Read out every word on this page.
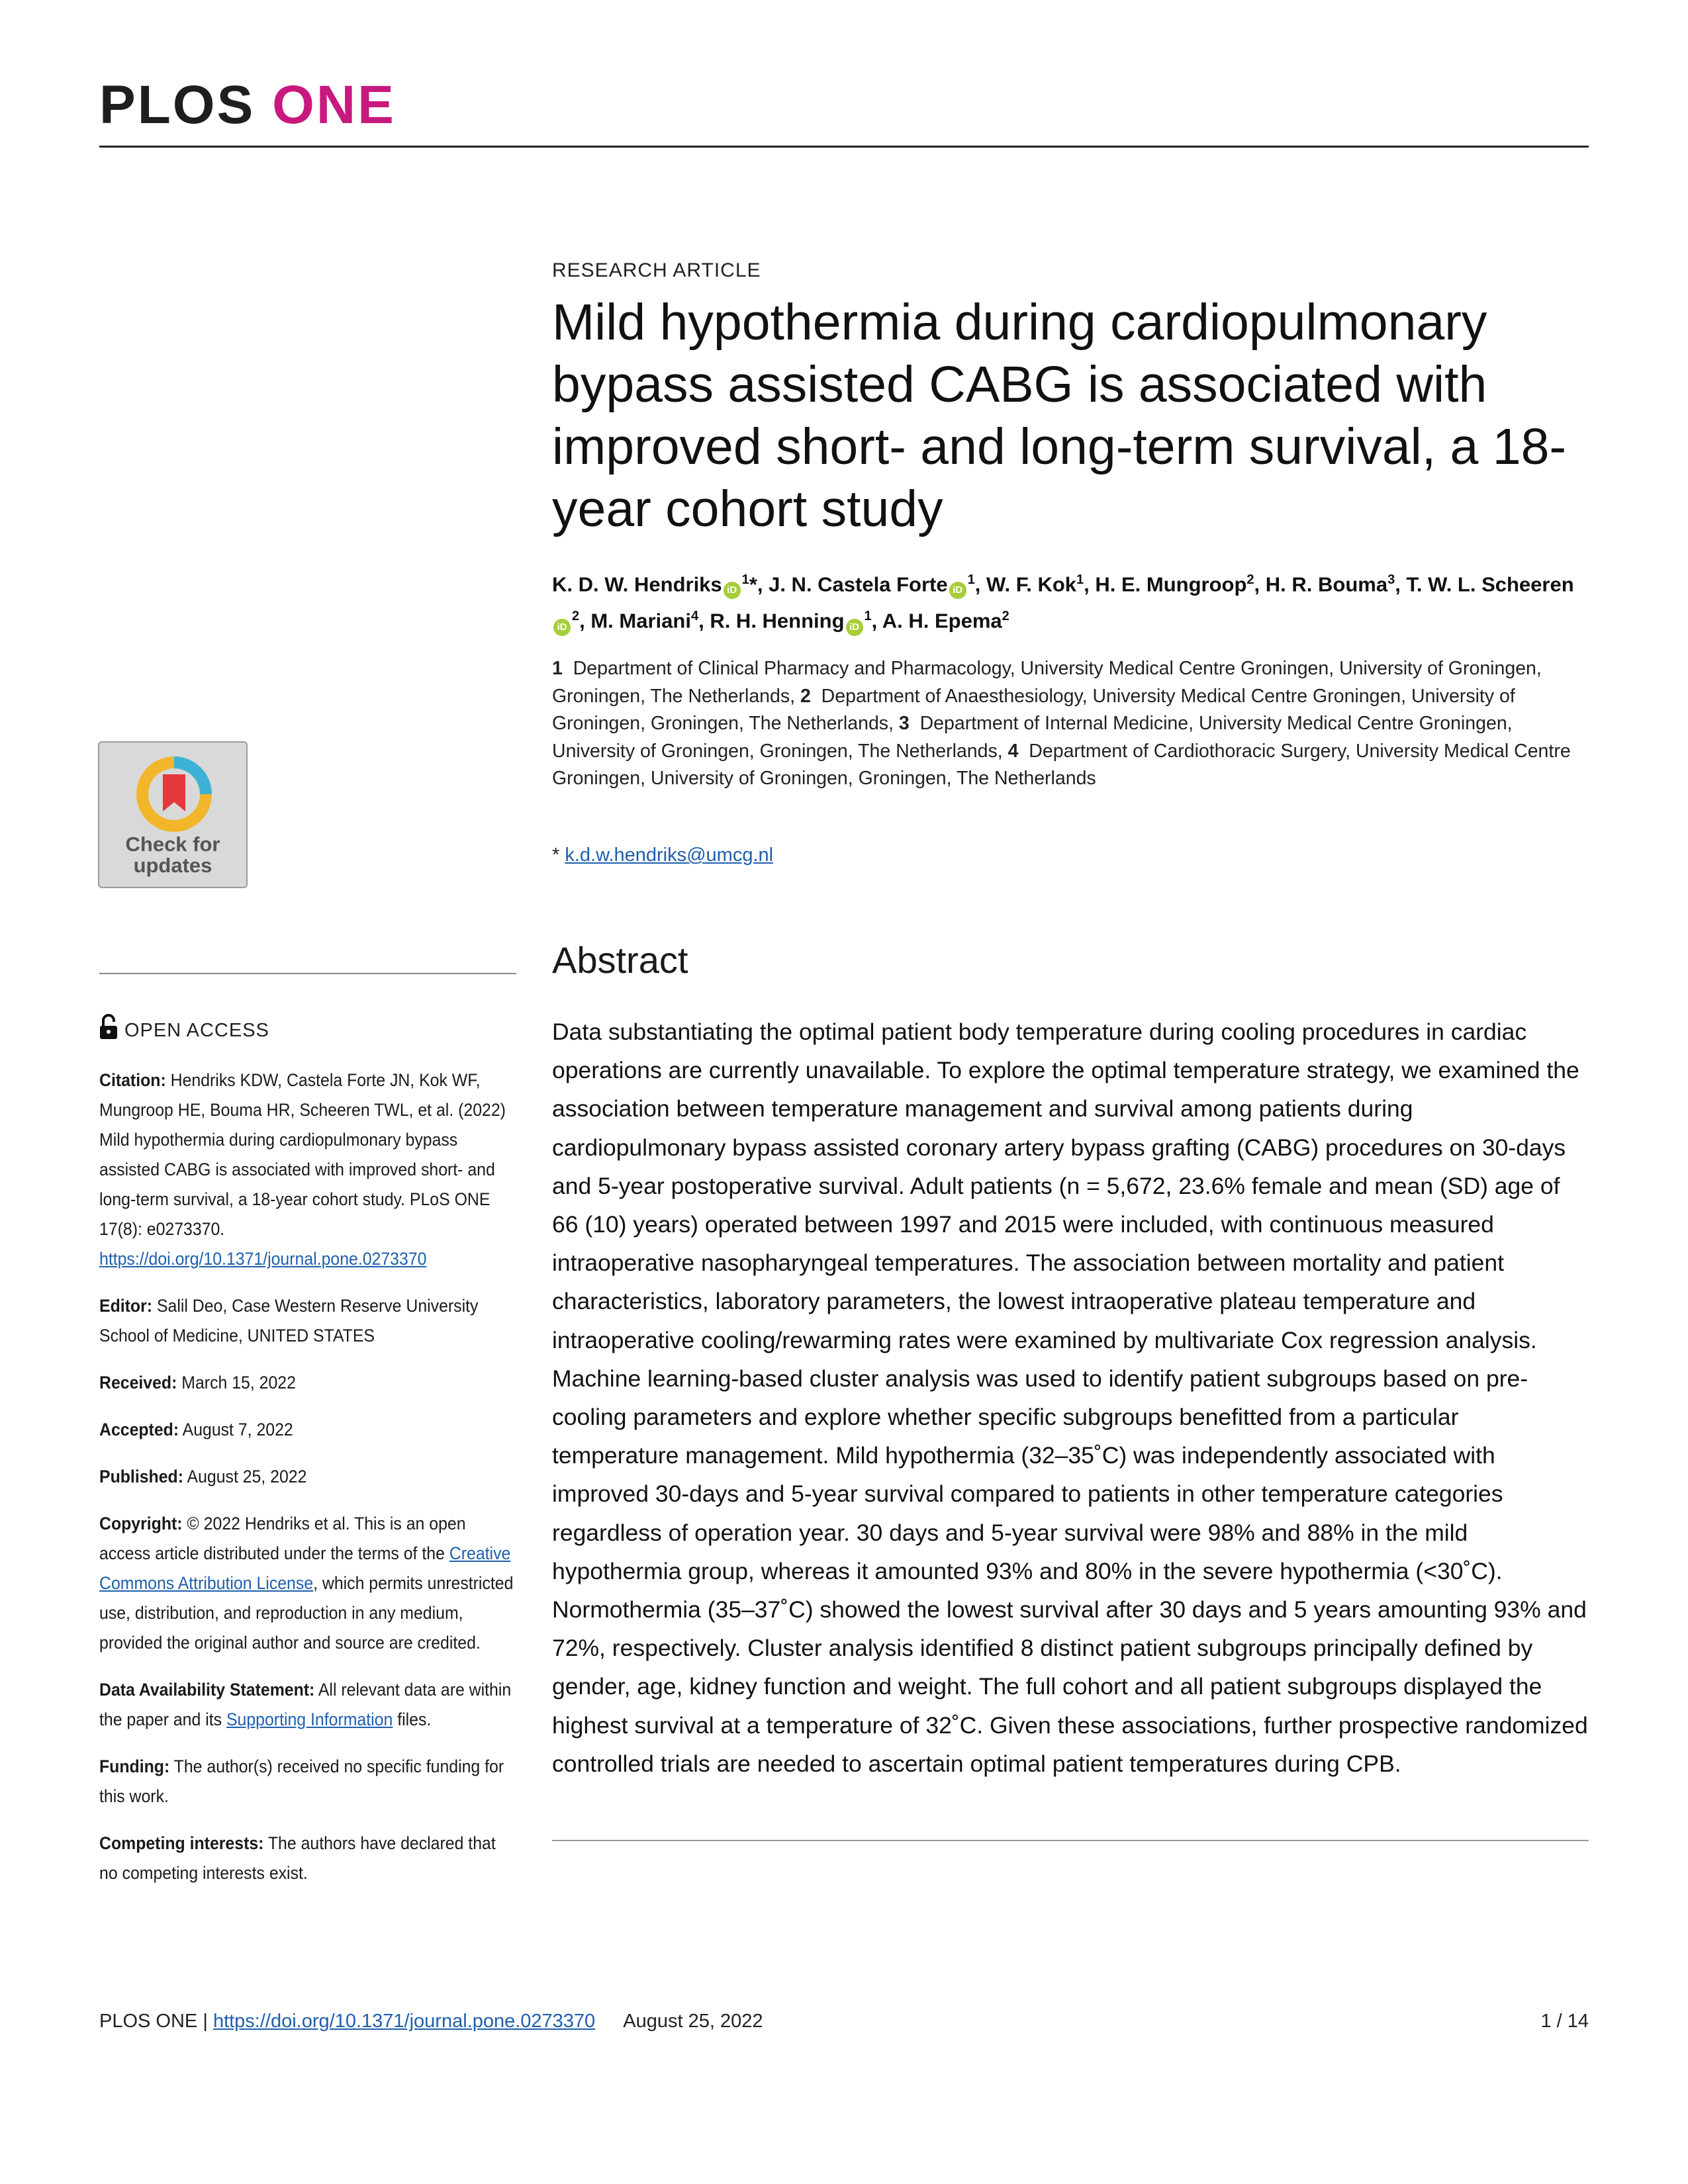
PLOS ONE
RESEARCH ARTICLE
Mild hypothermia during cardiopulmonary bypass assisted CABG is associated with improved short- and long-term survival, a 18-year cohort study
K. D. W. Hendriks $iD^1*$, J. N. Castela Forte $iD^1$, W. F. Kok$^1$, H. E. Mungroop$^2$, H. R. Bouma$^3$, T. W. L. ScheereniD$^2$, M. Mariani$^4$, R. H. Henning $iD^1$, A. H. Epema$^2$
1 Department of Clinical Pharmacy and Pharmacology, University Medical Centre Groningen, University of Groningen, Groningen, The Netherlands, 2 Department of Anaesthesiology, University Medical Centre Groningen, University of Groningen, Groningen, The Netherlands, 3 Department of Internal Medicine, University Medical Centre Groningen, University of Groningen, Groningen, The Netherlands, 4 Department of Cardiothoracic Surgery, University Medical Centre Groningen, University of Groningen, Groningen, The Netherlands
* k.d.w.hendriks@umcg.nl
Abstract

Data substantiating the optimal patient body temperature during cooling procedures in cardiac operations are currently unavailable. To explore the optimal temperature strategy, we examined the association between temperature management and survival among patients during cardiopulmonary bypass assisted coronary artery bypass grafting (CABG) procedures on 30-days and 5-year postoperative survival. Adult patients (n = 5,672, 23.6% female and mean (SD) age of 66 (10) years) operated between 1997 and 2015 were included, with continuous measured intraoperative nasopharyngeal temperatures. The association between mortality and patient characteristics, laboratory parameters, the lowest intraoperative plateau temperature and intraoperative cooling/rewarming rates were examined by multivariate Cox regression analysis. Machine learning-based cluster analysis was used to identify patient subgroups based on pre-cooling parameters and explore whether specific subgroups benefitted from a particular temperature management. Mild hypothermia (32–35˚C) was independently associated with improved 30-days and 5-year survival compared to patients in other temperature categories regardless of operation year. 30 days and 5-year survival were 98% and 88% in the mild hypothermia group, whereas it amounted 93% and 80% in the severe hypothermia (<30˚C). Normothermia (35–37˚C) showed the lowest survival after 30 days and 5 years amounting 93% and 72%, respectively. Cluster analysis identified 8 distinct patient subgroups principally defined by gender, age, kidney function and weight. The full cohort and all patient subgroups displayed the highest survival at a temperature of 32˚C. Given these associations, further prospective randomized controlled trials are needed to ascertain optimal patient temperatures during CPB.

Check for
updates
OPEN ACCESS
Citation: Hendriks KDW, Castela Forte JN, Kok WF, Mungroop HE, Bouma HR, Scheeren TWL, et al. (2022) Mild hypothermia during cardiopulmonary bypass assisted CABG is associated with improved short- and long-term survival, a 18-year cohort study. PLoS ONE 17(8): e0273370. https://doi.org/10.1371/journal.pone.0273370
Editor: Salil Deo, Case Western Reserve University School of Medicine, UNITED STATES
Received: March 15, 2022
Accepted: August 7, 2022
Published: August 25, 2022
Copyright: © 2022 Hendriks et al. This is an open access article distributed under the terms of the Creative Commons Attribution License, which permits unrestricted use, distribution, and reproduction in any medium, provided the original author and source are credited.
Data Availability Statement: All relevant data are within the paper and its Supporting Information files.
Funding: The author(s) received no specific funding for this work.
Competing interests: The authors have declared that no competing interests exist.
PLOS ONE | https://doi.org/10.1371/journal.pone.0273370 August 25, 2022	1 / 14
